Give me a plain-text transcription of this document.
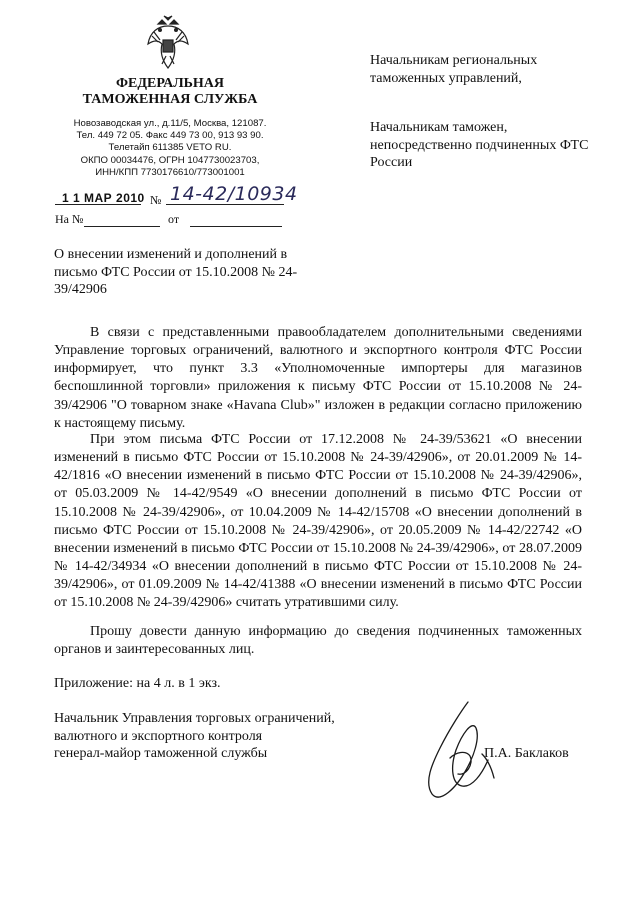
ФЕДЕРАЛЬНАЯ
ТАМОЖЕННАЯ СЛУЖБА
Новозаводская ул., д.11/5, Москва, 121087.
Тел. 449 72 05. Факс 449 73 00, 913 93 90.
Телетайп 611385 VETO RU.
ОКПО 00034476, ОГРН 1047730023703,
ИНН/КПП 7730176610/773001001
1 1 МАР 2010 № 14-42/10934
На №	от
Начальникам региональных таможенных управлений,
Начальникам таможен, непосредственно подчиненных ФТС России
О внесении изменений и дополнений в письмо ФТС России от 15.10.2008 № 24-39/42906
В связи с представленными правообладателем дополнительными сведениями Управление торговых ограничений, валютного и экспортного контроля ФТС России информирует, что пункт 3.3 «Уполномоченные импортеры для магазинов беспошлинной торговли» приложения к письму ФТС России от 15.10.2008 № 24-39/42906 "О товарном знаке «Havana Club»" изложен в редакции согласно приложению к настоящему письму.
При этом письма ФТС России от 17.12.2008 № 24-39/53621 «О внесении изменений в письмо ФТС России от 15.10.2008 № 24-39/42906», от 20.01.2009 № 14-42/1816 «О внесении изменений в письмо ФТС России от 15.10.2008 № 24-39/42906», от 05.03.2009 № 14-42/9549 «О внесении дополнений в письмо ФТС России от 15.10.2008 № 24-39/42906», от 10.04.2009 № 14-42/15708 «О внесении дополнений в письмо ФТС России от 15.10.2008 № 24-39/42906», от 20.05.2009 № 14-42/22742 «О внесении изменений в письмо ФТС России от 15.10.2008 № 24-39/42906», от 28.07.2009 № 14-42/34934 «О внесении дополнений в письмо ФТС России от 15.10.2008 № 24-39/42906», от 01.09.2009 № 14-42/41388 «О внесении изменений в письмо ФТС России от 15.10.2008 № 24-39/42906» считать утратившими силу.
Прошу довести данную информацию до сведения подчиненных таможенных органов и заинтересованных лиц.
Приложение: на 4 л. в 1 экз.
Начальник Управления торговых ограничений,
валютного и экспортного контроля
генерал-майор таможенной службы	П.А. Баклаков
